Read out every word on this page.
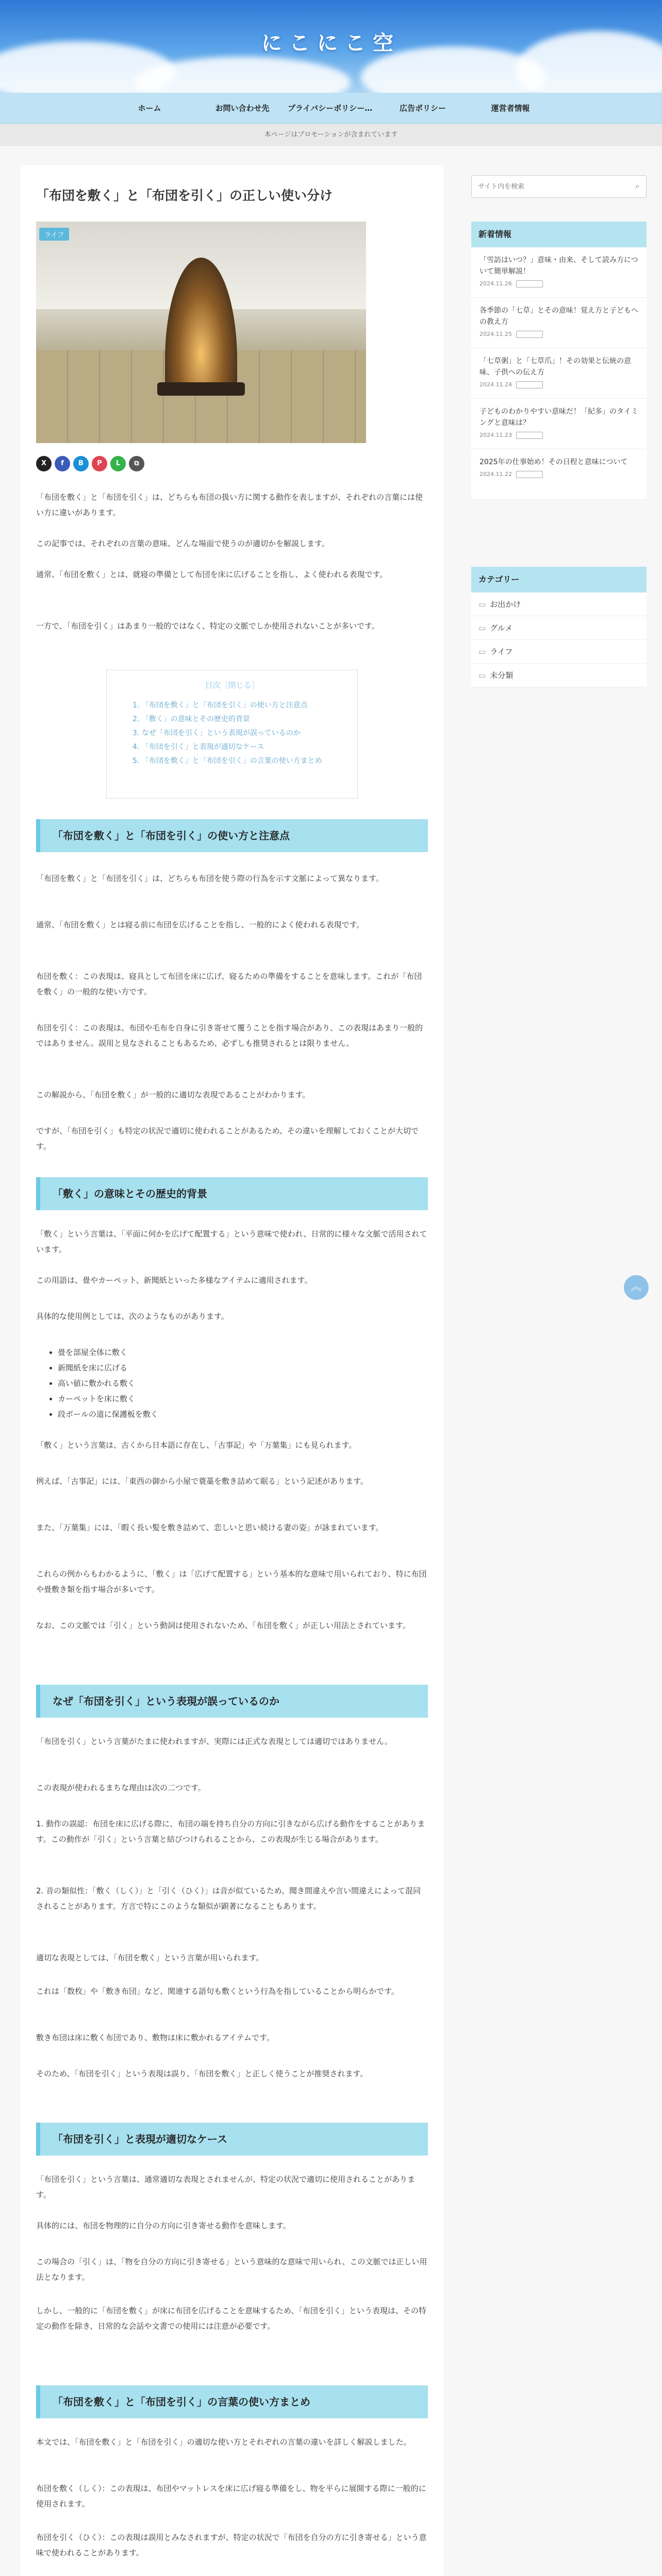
にこにこ空
ホーム	お問い合わせ先	プライバシーポリシー…	広告ポリシー	運営者情報
本ページはプロモーションが含まれています
「布団を敷く」と「布団を引く」の正しい使い分け
ライフ
X f B P L ⧉
「布団を敷く」と「布団を引く」は、どちらも布団の扱い方に関する動作を表しますが、それぞれの言葉には使い方に違いがあります。
この記事では、それぞれの言葉の意味、どんな場面で使うのが適切かを解説します。
通常、「布団を敷く」とは、就寝の準備として布団を床に広げることを指し、よく使われる表現です。
一方で、「布団を引く」はあまり一般的ではなく、特定の文脈でしか使用されないことが多いです。
目次［閉じる］
1. 「布団を敷く」と「布団を引く」の使い方と注意点
2. 「敷く」の意味とその歴史的背景
3. なぜ「布団を引く」という表現が誤っているのか
4. 「布団を引く」と表現が適切なケース
5. 「布団を敷く」と「布団を引く」の言葉の使い方まとめ
「布団を敷く」と「布団を引く」の使い方と注意点
「布団を敷く」と「布団を引く」は、どちらも布団を使う際の行為を示す文脈によって異なります。
通常、「布団を敷く」とは寝る前に布団を広げることを指し、一般的によく使われる表現です。
布団を敷く：この表現は、寝具として布団を床に広げ、寝るための準備をすることを意味します。これが「布団を敷く」の一般的な使い方です。
布団を引く：この表現は、布団や毛布を自身に引き寄せて覆うことを指す場合があり、この表現はあまり一般的ではありません。誤用と見なされることもあるため、必ずしも推奨されるとは限りません。
この解説から、「布団を敷く」が一般的に適切な表現であることがわかります。
ですが、「布団を引く」も特定の状況で適切に使われることがあるため、その違いを理解しておくことが大切です。
「敷く」の意味とその歴史的背景
「敷く」という言葉は、「平面に何かを広げて配置する」という意味で使われ、日常的に様々な文脈で活用されています。
この用語は、畳やカーペット、新聞紙といった多様なアイテムに適用されます。
具体的な使用例としては、次のようなものがあります。
• 畳を部屋全体に敷く
• 新聞紙を床に広げる
• 高い値に敷かれる敷く
• カーペットを床に敷く
• 段ボールの道に保護板を敷く
「敷く」という言葉は、古くから日本語に存在し、「古事記」や「万葉集」にも見られます。
例えば、「古事記」には、「東西の御から小屋で蓑藁を敷き詰めて眠る」という記述があります。
また、「万葉集」には、「暇く長い髪を敷き詰めて、恋しいと思い続ける妻の姿」が詠まれています。
これらの例からもわかるように、「敷く」は「広げて配置する」という基本的な意味で用いられており、特に布団や畳敷き類を指す場合が多いです。
なお、この文脈では「引く」という動詞は使用されないため、「布団を敷く」が正しい用法とされています。
なぜ「布団を引く」という表現が誤っているのか
「布団を引く」という言葉がたまに使われますが、実際には正式な表現としては適切ではありません。
この表現が使われるまちな理由は次の二つです。
1. 動作の誤認：布団を床に広げる際に、布団の端を持ち自分の方向に引きながら広げる動作をすることがあります。この動作が「引く」という言葉と結びつけられることから、この表現が生じる場合があります。
2. 音の類似性：「敷く（しく）」と「引く（ひく）」は音が似ているため、聞き間違えや言い間違えによって混同されることがあります。方言で特にこのような類似が顕著になることもあります。
適切な表現としては、「布団を敷く」という言葉が用いられます。
これは「数枚」や「敷き布団」など、関連する語句も敷くという行為を指していることから明らかです。
敷き布団は床に敷く布団であり、敷物は床に敷かれるアイテムです。
そのため、「布団を引く」という表現は誤り、「布団を敷く」と正しく使うことが推奨されます。
「布団を引く」と表現が適切なケース
「布団を引く」という言葉は、通常適切な表現とされませんが、特定の状況で適切に使用されることがあります。
具体的には、布団を物理的に自分の方向に引き寄せる動作を意味します。
この場合の「引く」は、「物を自分の方向に引き寄せる」という意味的な意味で用いられ、この文脈では正しい用法となります。
しかし、一般的に「布団を敷く」が床に布団を広げることを意味するため、「布団を引く」という表現は、その特定の動作を除き、日常的な会話や文書での使用には注意が必要です。
「布団を敷く」と「布団を引く」の言葉の使い方まとめ
本文では、「布団を敷く」と「布団を引く」の適切な使い方とそれぞれの言葉の違いを詳しく解説しました。
布団を敷く（しく）：この表現は、布団やマットレスを床に広げ寝る準備をし、物を平らに展開する際に一般的に使用されます。
布団を引く（ひく）：この表現は誤用とみなされますが、特定の状況で「布団を自分の方に引き寄せる」という意味で使われることがあります。
サイト内を検索
⌕
新着情報
「雪訪はいつ？」意味・由来、そして読み方について簡単解説！
2024.11.26
各季節の「七草」とその意味！覚え方と子どもへの教え方
2024.11.25
「七草粥」と「七草爪」！その効果と伝統の意味、子供への伝え方
2024.11.24
子どものわかりやすい意味だ！「紀多」のタイミングと意味は？
2024.11.23
2025年の仕事始め！その日程と意味について
2024.11.22
カテゴリー
▭ お出かけ
▭ グルメ
▭ ライフ
▭ 未分類
︽
